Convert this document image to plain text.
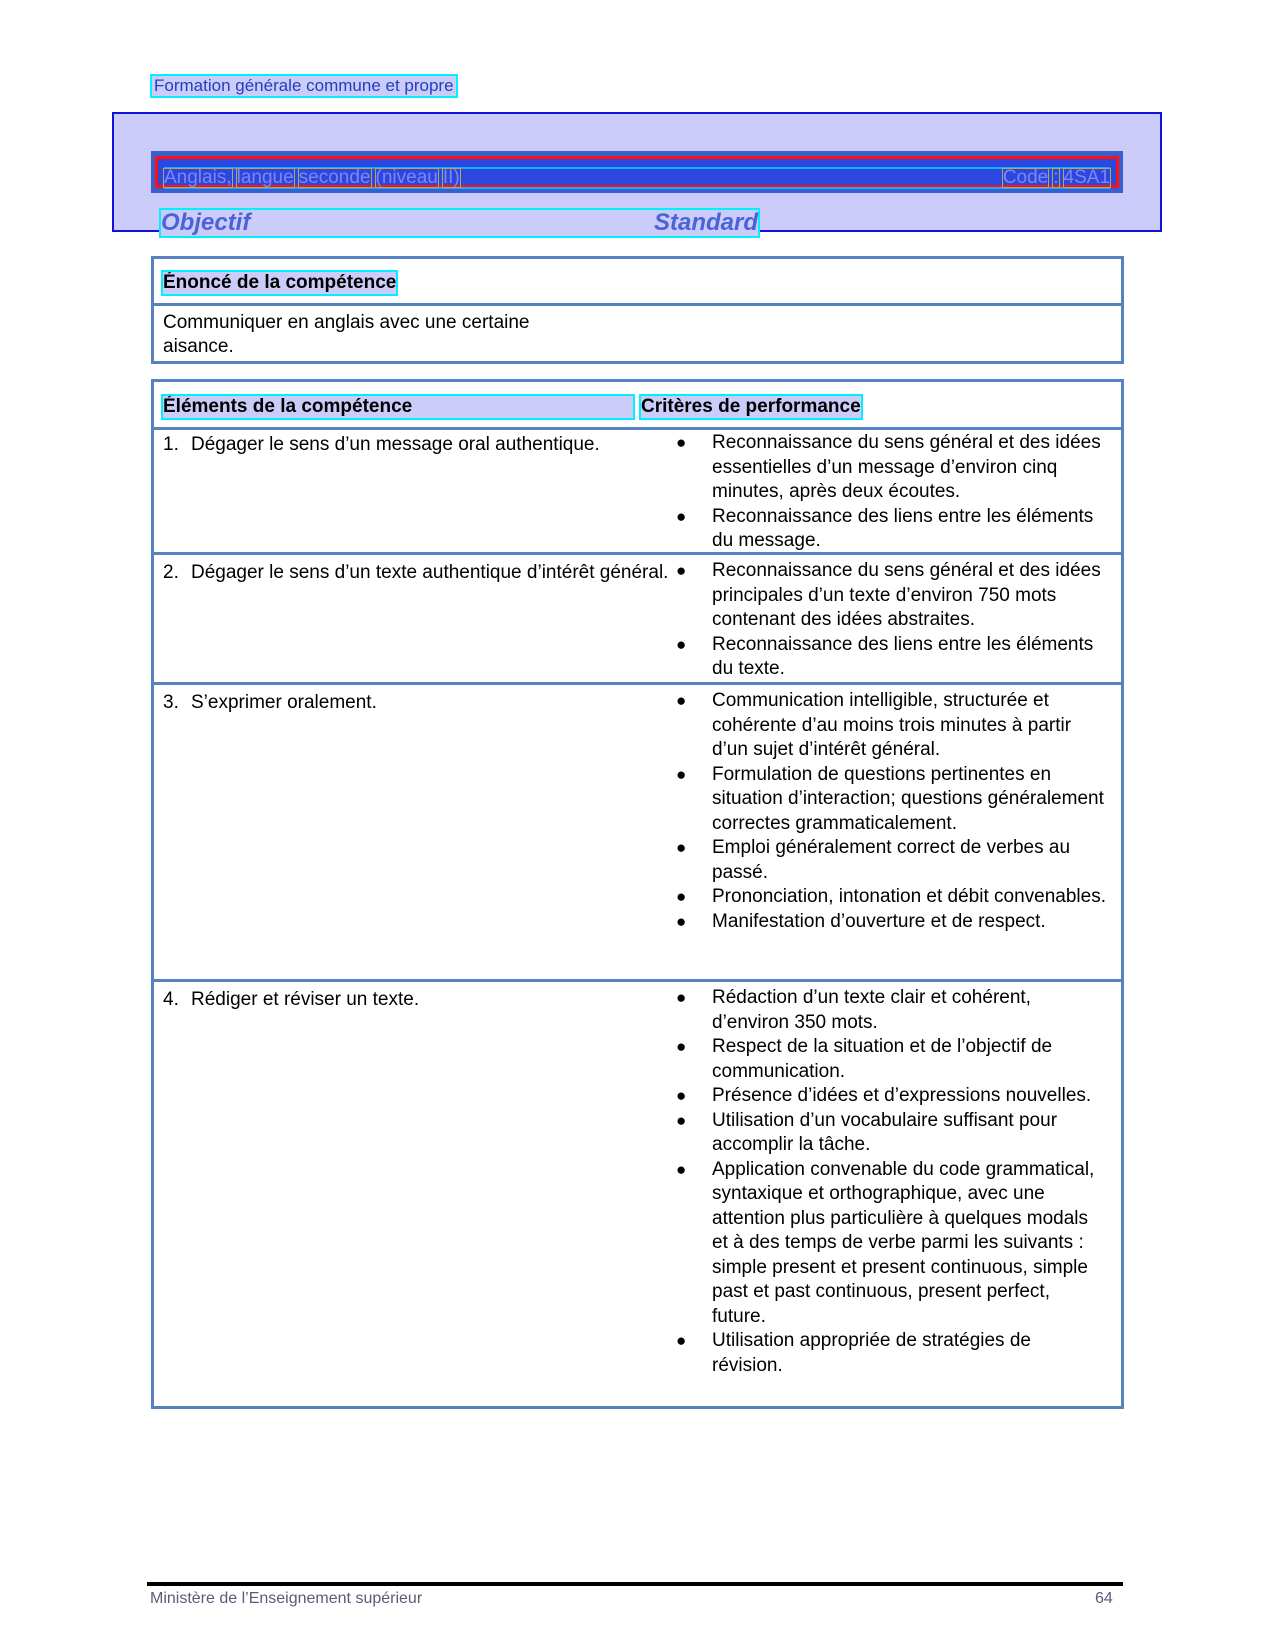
Formation générale commune et propre
Anglais, langue seconde (niveau II)	Code : 4SA1
Objectif	Standard
Énoncé de la compétence
Communiquer en anglais avec une certaine aisance.
Éléments de la compétence	Critères de performance
1. Dégager le sens d’un message oral authentique.	● Reconnaissance du sens général et des idées essentielles d’un message d’environ cinq minutes, après deux écoutes.
● Reconnaissance des liens entre les éléments du message.
2. Dégager le sens d’un texte authentique d’intérêt général. ● Reconnaissance du sens général et des idées principales d’un texte d’environ 750 mots contenant des idées abstraites.
● Reconnaissance des liens entre les éléments du texte.
3. S’exprimer oralement.	● Communication intelligible, structurée et cohérente d’au moins trois minutes à partir d’un sujet d’intérêt général.
● Formulation de questions pertinentes en situation d’interaction; questions généralement correctes grammaticalement.
● Emploi généralement correct de verbes au passé.
● Prononciation, intonation et débit convenables.
● Manifestation d’ouverture et de respect.
4. Rédiger et réviser un texte.	● Rédaction d’un texte clair et cohérent, d’environ 350 mots.
● Respect de la situation et de l’objectif de communication.
● Présence d’idées et d’expressions nouvelles.
● Utilisation d’un vocabulaire suffisant pour accomplir la tâche.
● Application convenable du code grammatical, syntaxique et orthographique, avec une attention plus particulière à quelques modals et à des temps de verbe parmi les suivants : simple present et present continuous, simple past et past continuous, present perfect, future.
● Utilisation appropriée de stratégies de révision.
Ministère de l’Enseignement supérieur	64
